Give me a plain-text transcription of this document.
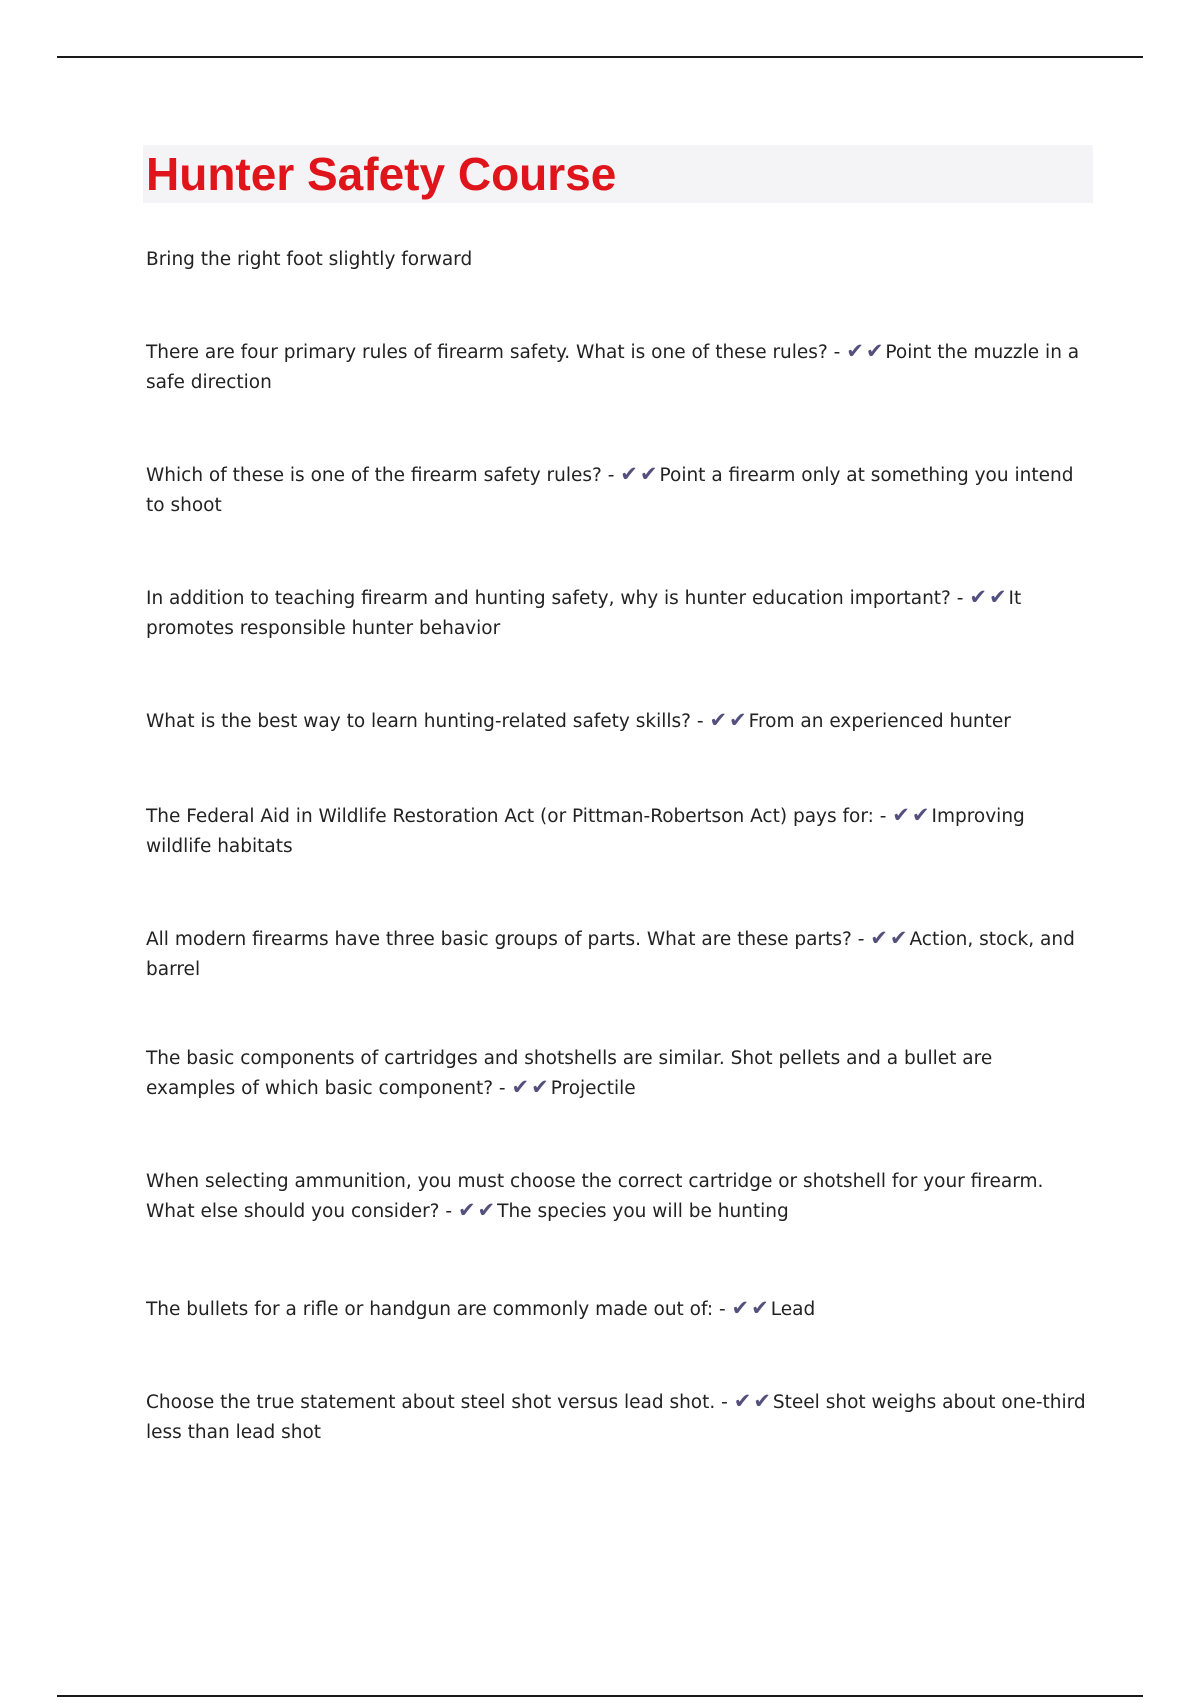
Hunter Safety Course

Bring the right foot slightly forward

There are four primary rules of firearm safety. What is one of these rules? - ✔✔Point the muzzle in a safe direction

Which of these is one of the firearm safety rules? - ✔✔Point a firearm only at something you intend to shoot

In addition to teaching firearm and hunting safety, why is hunter education important? - ✔✔It promotes responsible hunter behavior

What is the best way to learn hunting-related safety skills? - ✔✔From an experienced hunter

The Federal Aid in Wildlife Restoration Act (or Pittman-Robertson Act) pays for: - ✔✔Improving wildlife habitats

All modern firearms have three basic groups of parts. What are these parts? - ✔✔Action, stock, and barrel

The basic components of cartridges and shotshells are similar. Shot pellets and a bullet are examples of which basic component? - ✔✔Projectile

When selecting ammunition, you must choose the correct cartridge or shotshell for your firearm. What else should you consider? - ✔✔The species you will be hunting

The bullets for a rifle or handgun are commonly made out of: - ✔✔Lead

Choose the true statement about steel shot versus lead shot. - ✔✔Steel shot weighs about one-third less than lead shot
